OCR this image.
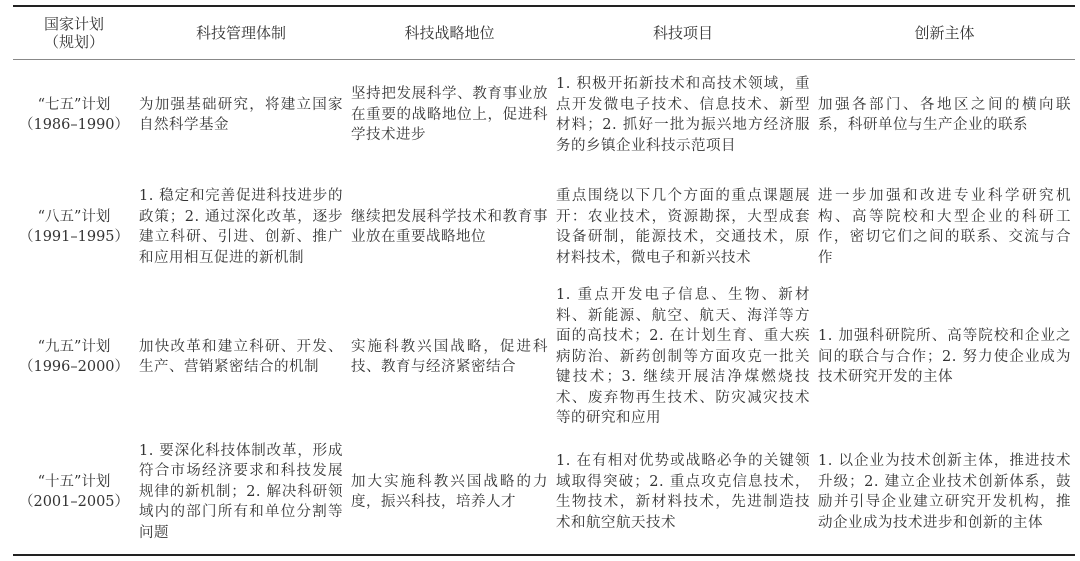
国家计划
（规划）	科技管理体制	科技战略地位	科技项目	创新主体

“七五”计划
（1986–1990）	为加强基础研究，将建立国家自然科学基金	坚持把发展科学、教育事业放在重要的战略地位上，促进科学技术进步	1. 积极开拓新技术和高技术领域，重点开发微电子技术、信息技术、新型材料；2. 抓好一批为振兴地方经济服务的乡镇企业科技示范项目	加强各部门、各地区之间的横向联系，科研单位与生产企业的联系

“八五”计划
（1991–1995）	1. 稳定和完善促进科技进步的政策；2. 通过深化改革，逐步建立科研、引进、创新、推广和应用相互促进的新机制	继续把发展科学技术和教育事业放在重要战略地位	重点围绕以下几个方面的重点课题展开：农业技术，资源勘探，大型成套设备研制，能源技术，交通技术，原材料技术，微电子和新兴技术	进一步加强和改进专业科学研究机构、高等院校和大型企业的科研工作，密切它们之间的联系、交流与合作

“九五”计划
（1996–2000）	加快改革和建立科研、开发、生产、营销紧密结合的机制	实施科教兴国战略，促进科技、教育与经济紧密结合	1. 重点开发电子信息、生物、新材料、新能源、航空、航天、海洋等方面的高技术；2. 在计划生育、重大疾病防治、新药创制等方面攻克一批关键技术；3. 继续开展洁净煤燃烧技术、废弃物再生技术、防灾减灾技术等的研究和应用	1. 加强科研院所、高等院校和企业之间的联合与合作；2. 努力使企业成为技术研究开发的主体

“十五”计划
（2001–2005）	1. 要深化科技体制改革，形成符合市场经济要求和科技发展规律的新机制；2. 解决科研领域内的部门所有和单位分割等问题	加大实施科教兴国战略的力度，振兴科技，培养人才	1. 在有相对优势或战略必争的关键领域取得突破；2. 重点攻克信息技术，生物技术，新材料技术，先进制造技术和航空航天技术	1. 以企业为技术创新主体，推进技术升级；2. 建立企业技术创新体系，鼓励并引导企业建立研究开发机构，推动企业成为技术进步和创新的主体
